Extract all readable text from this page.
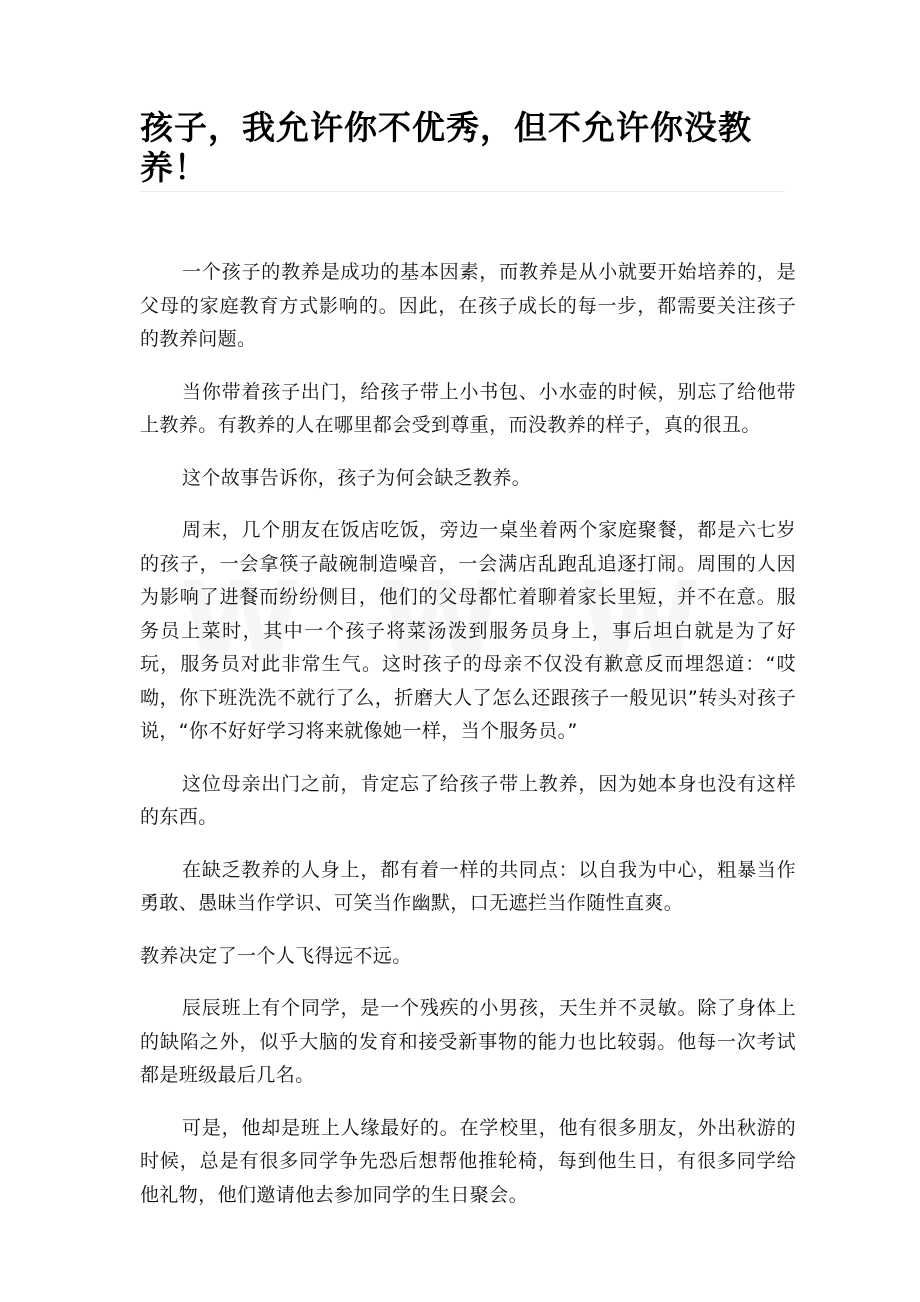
孩子，我允许你不优秀，但不允许你没教养！

一个孩子的教养是成功的基本因素，而教养是从小就要开始培养的，是父母的家庭教育方式影响的。因此，在孩子成长的每一步，都需要关注孩子的教养问题。

当你带着孩子出门，给孩子带上小书包、小水壶的时候，别忘了给他带上教养。有教养的人在哪里都会受到尊重，而没教养的样子，真的很丑。

这个故事告诉你，孩子为何会缺乏教养。

周末，几个朋友在饭店吃饭，旁边一桌坐着两个家庭聚餐，都是六七岁的孩子，一会拿筷子敲碗制造噪音，一会满店乱跑乱追逐打闹。周围的人因为影响了进餐而纷纷侧目，他们的父母都忙着聊着家长里短，并不在意。服务员上菜时，其中一个孩子将菜汤泼到服务员身上，事后坦白就是为了好玩，服务员对此非常生气。这时孩子的母亲不仅没有歉意反而埋怨道：“哎呦，你下班洗洗不就行了么，折磨大人了怎么还跟孩子一般见识”转头对孩子说，“你不好好学习将来就像她一样，当个服务员。”

这位母亲出门之前，肯定忘了给孩子带上教养，因为她本身也没有这样的东西。

在缺乏教养的人身上，都有着一样的共同点：以自我为中心，粗暴当作勇敢、愚昧当作学识、可笑当作幽默，口无遮拦当作随性直爽。

教养决定了一个人飞得远不远。

辰辰班上有个同学，是一个残疾的小男孩，天生并不灵敏。除了身体上的缺陷之外，似乎大脑的发育和接受新事物的能力也比较弱。他每一次考试都是班级最后几名。

可是，他却是班上人缘最好的。在学校里，他有很多朋友，外出秋游的时候，总是有很多同学争先恐后想帮他推轮椅，每到他生日，有很多同学给他礼物，他们邀请他去参加同学的生日聚会。
